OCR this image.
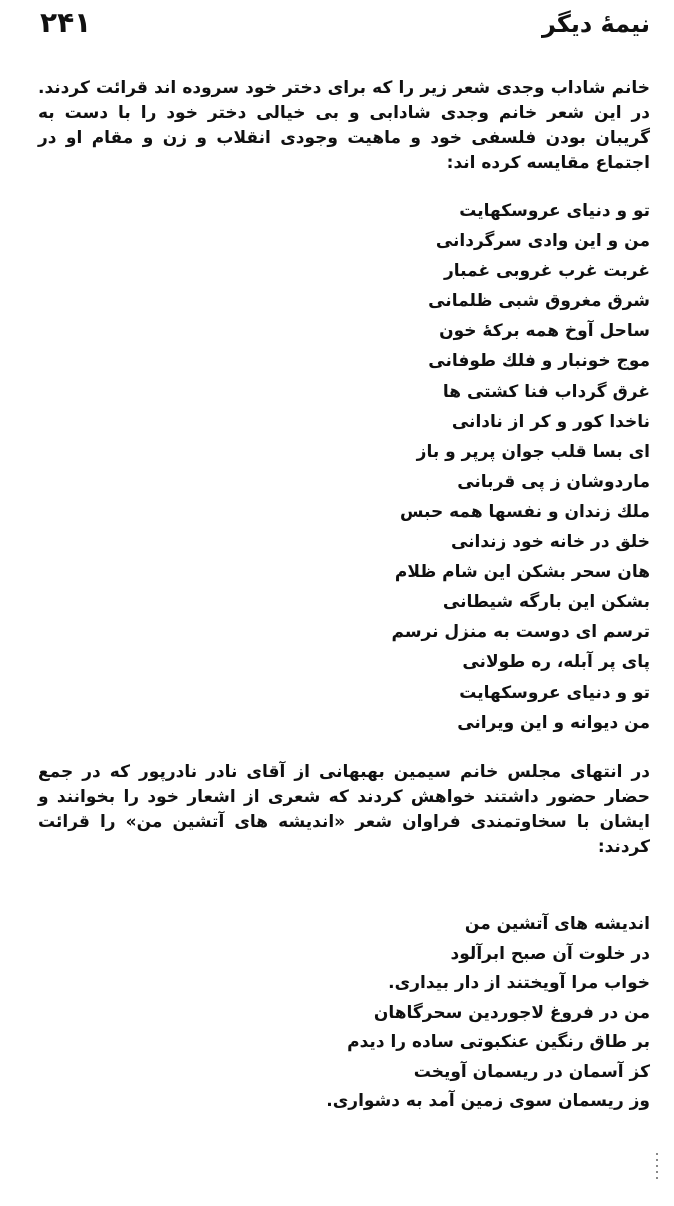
۲۴۱	نیمهٔ دیگر

خانم شاداب وجدی شعر زیر را که برای دختر خود سروده اند قرائت کردند. در این شعر خانم وجدی شادابی و بی خیالی دختر خود را با دست به گریبان بودن فلسفی خود و ماهیت وجودی انقلاب و زن و مقام او در اجتماع مقایسه کرده اند:

تو و دنیای عروسکهایت
من و این وادی سرگردانی
غربت غرب غروبی غمبار
شرق مغروق شبی ظلمانی
ساحل آوخ همه برکهٔ خون
موج خونبار و فلك طوفانی
غرق گرداب فنا کشتی ها
ناخدا کور و کر از نادانی
ای بسا قلب جوان پرپر و باز
ماردوشان ز پی قربانی
ملك زندان و نفسها همه حبس
خلق در خانه خود زندانی
هان سحر بشکن این شام ظلام
بشکن این بارگه شیطانی
ترسم ای دوست به منزل نرسم
پای پر آبله، ره طولانی
تو و دنیای عروسکهایت
من دیوانه و این ویرانی

در انتهای مجلس خانم سیمین بهبهانی از آقای نادر نادرپور که در جمع حضار حضور داشتند خواهش کردند که شعری از اشعار خود را بخوانند و ایشان با سخاوتمندی فراوان شعر «اندیشه های آتشین من» را قرائت کردند:

اندیشه های آتشین من
در خلوت آن صبح ابرآلود
خواب مرا آویختند از دار بیداری.
من در فروغ لاجوردین سحرگاهان
بر طاق رنگین عنکبوتی ساده را دیدم
کز آسمان در ریسمان آویخت
وز ریسمان سوی زمین آمد به دشواری.
